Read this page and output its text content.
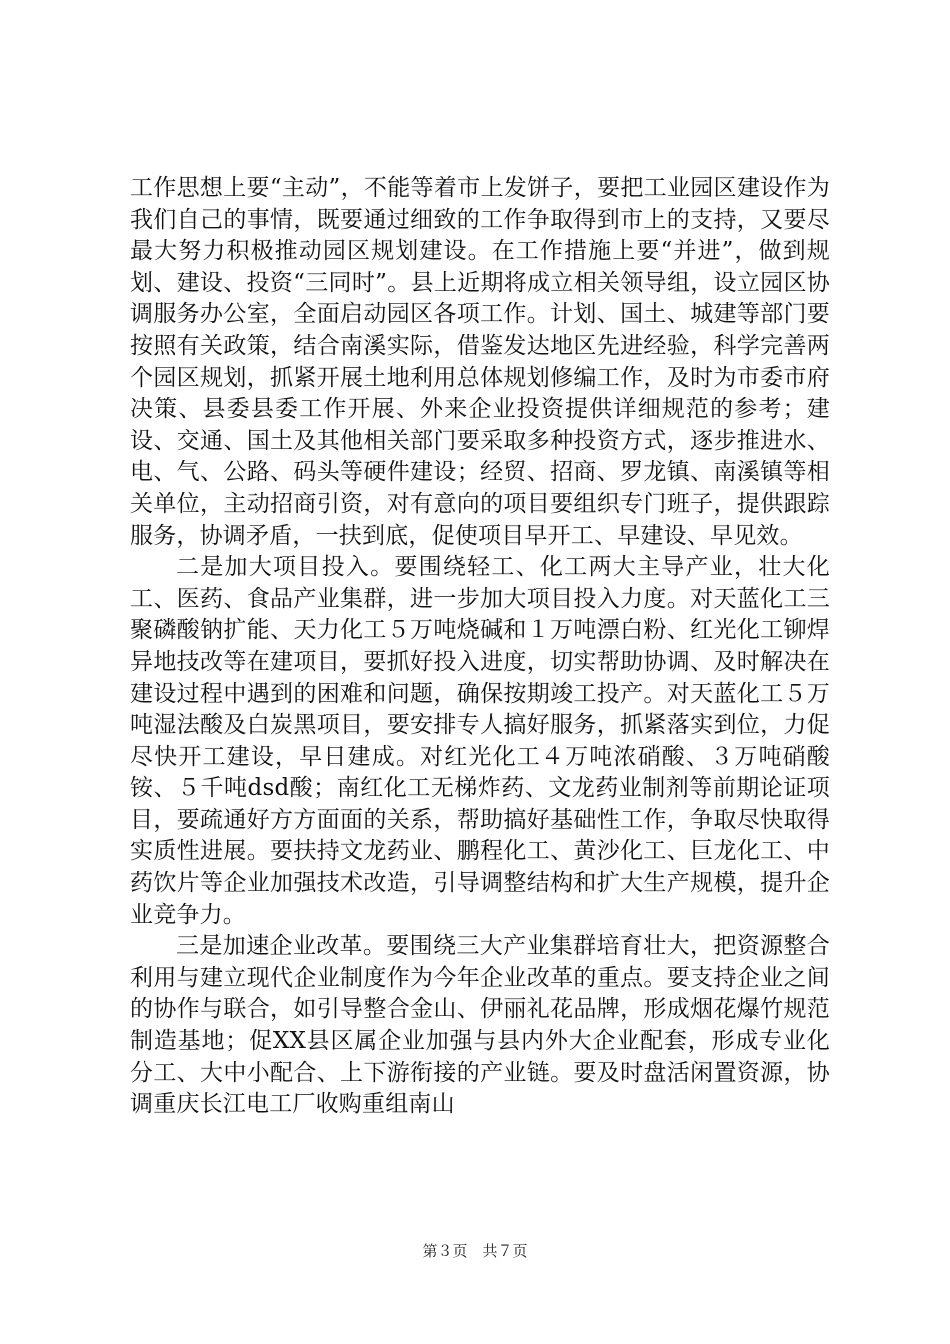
工作思想上要“主动”，不能等着市上发饼子，要把工业园区建设作为我们自己的事情，既要通过细致的工作争取得到市上的支持，又要尽最大努力积极推动园区规划建设。在工作措施上要“并进”，做到规划、建设、投资“三同时”。县上近期将成立相关领导组，设立园区协调服务办公室，全面启动园区各项工作。计划、国土、城建等部门要按照有关政策，结合南溪实际，借鉴发达地区先进经验，科学完善两个园区规划，抓紧开展土地利用总体规划修编工作，及时为市委市府决策、县委县委工作开展、外来企业投资提供详细规范的参考；建设、交通、国土及其他相关部门要采取多种投资方式，逐步推进水、电、气、公路、码头等硬件建设；经贸、招商、罗龙镇、南溪镇等相关单位，主动招商引资，对有意向的项目要组织专门班子，提供跟踪服务，协调矛盾，一扶到底，促使项目早开工、早建设、早见效。

二是加大项目投入。要围绕轻工、化工两大主导产业，壮大化工、医药、食品产业集群，进一步加大项目投入力度。对天蓝化工三聚磷酸钠扩能、天力化工５万吨烧碱和１万吨漂白粉、红光化工铆焊异地技改等在建项目，要抓好投入进度，切实帮助协调、及时解决在建设过程中遇到的困难和问题，确保按期竣工投产。对天蓝化工５万吨湿法酸及白炭黑项目，要安排专人搞好服务，抓紧落实到位，力促尽快开工建设，早日建成。对红光化工４万吨浓硝酸、３万吨硝酸铵、５千吨dsd酸；南红化工无梯炸药、文龙药业制剂等前期论证项目，要疏通好方方面面的关系，帮助搞好基础性工作，争取尽快取得实质性进展。要扶持文龙药业、鹏程化工、黄沙化工、巨龙化工、中药饮片等企业加强技术改造，引导调整结构和扩大生产规模，提升企业竞争力。

三是加速企业改革。要围绕三大产业集群培育壮大，把资源整合利用与建立现代企业制度作为今年企业改革的重点。要支持企业之间的协作与联合，如引导整合金山、伊丽礼花品牌，形成烟花爆竹规范制造基地；促XX县区属企业加强与县内外大企业配套，形成专业化分工、大中小配合、上下游衔接的产业链。要及时盘活闲置资源，协调重庆长江电工厂收购重组南山

第３页　共７页
